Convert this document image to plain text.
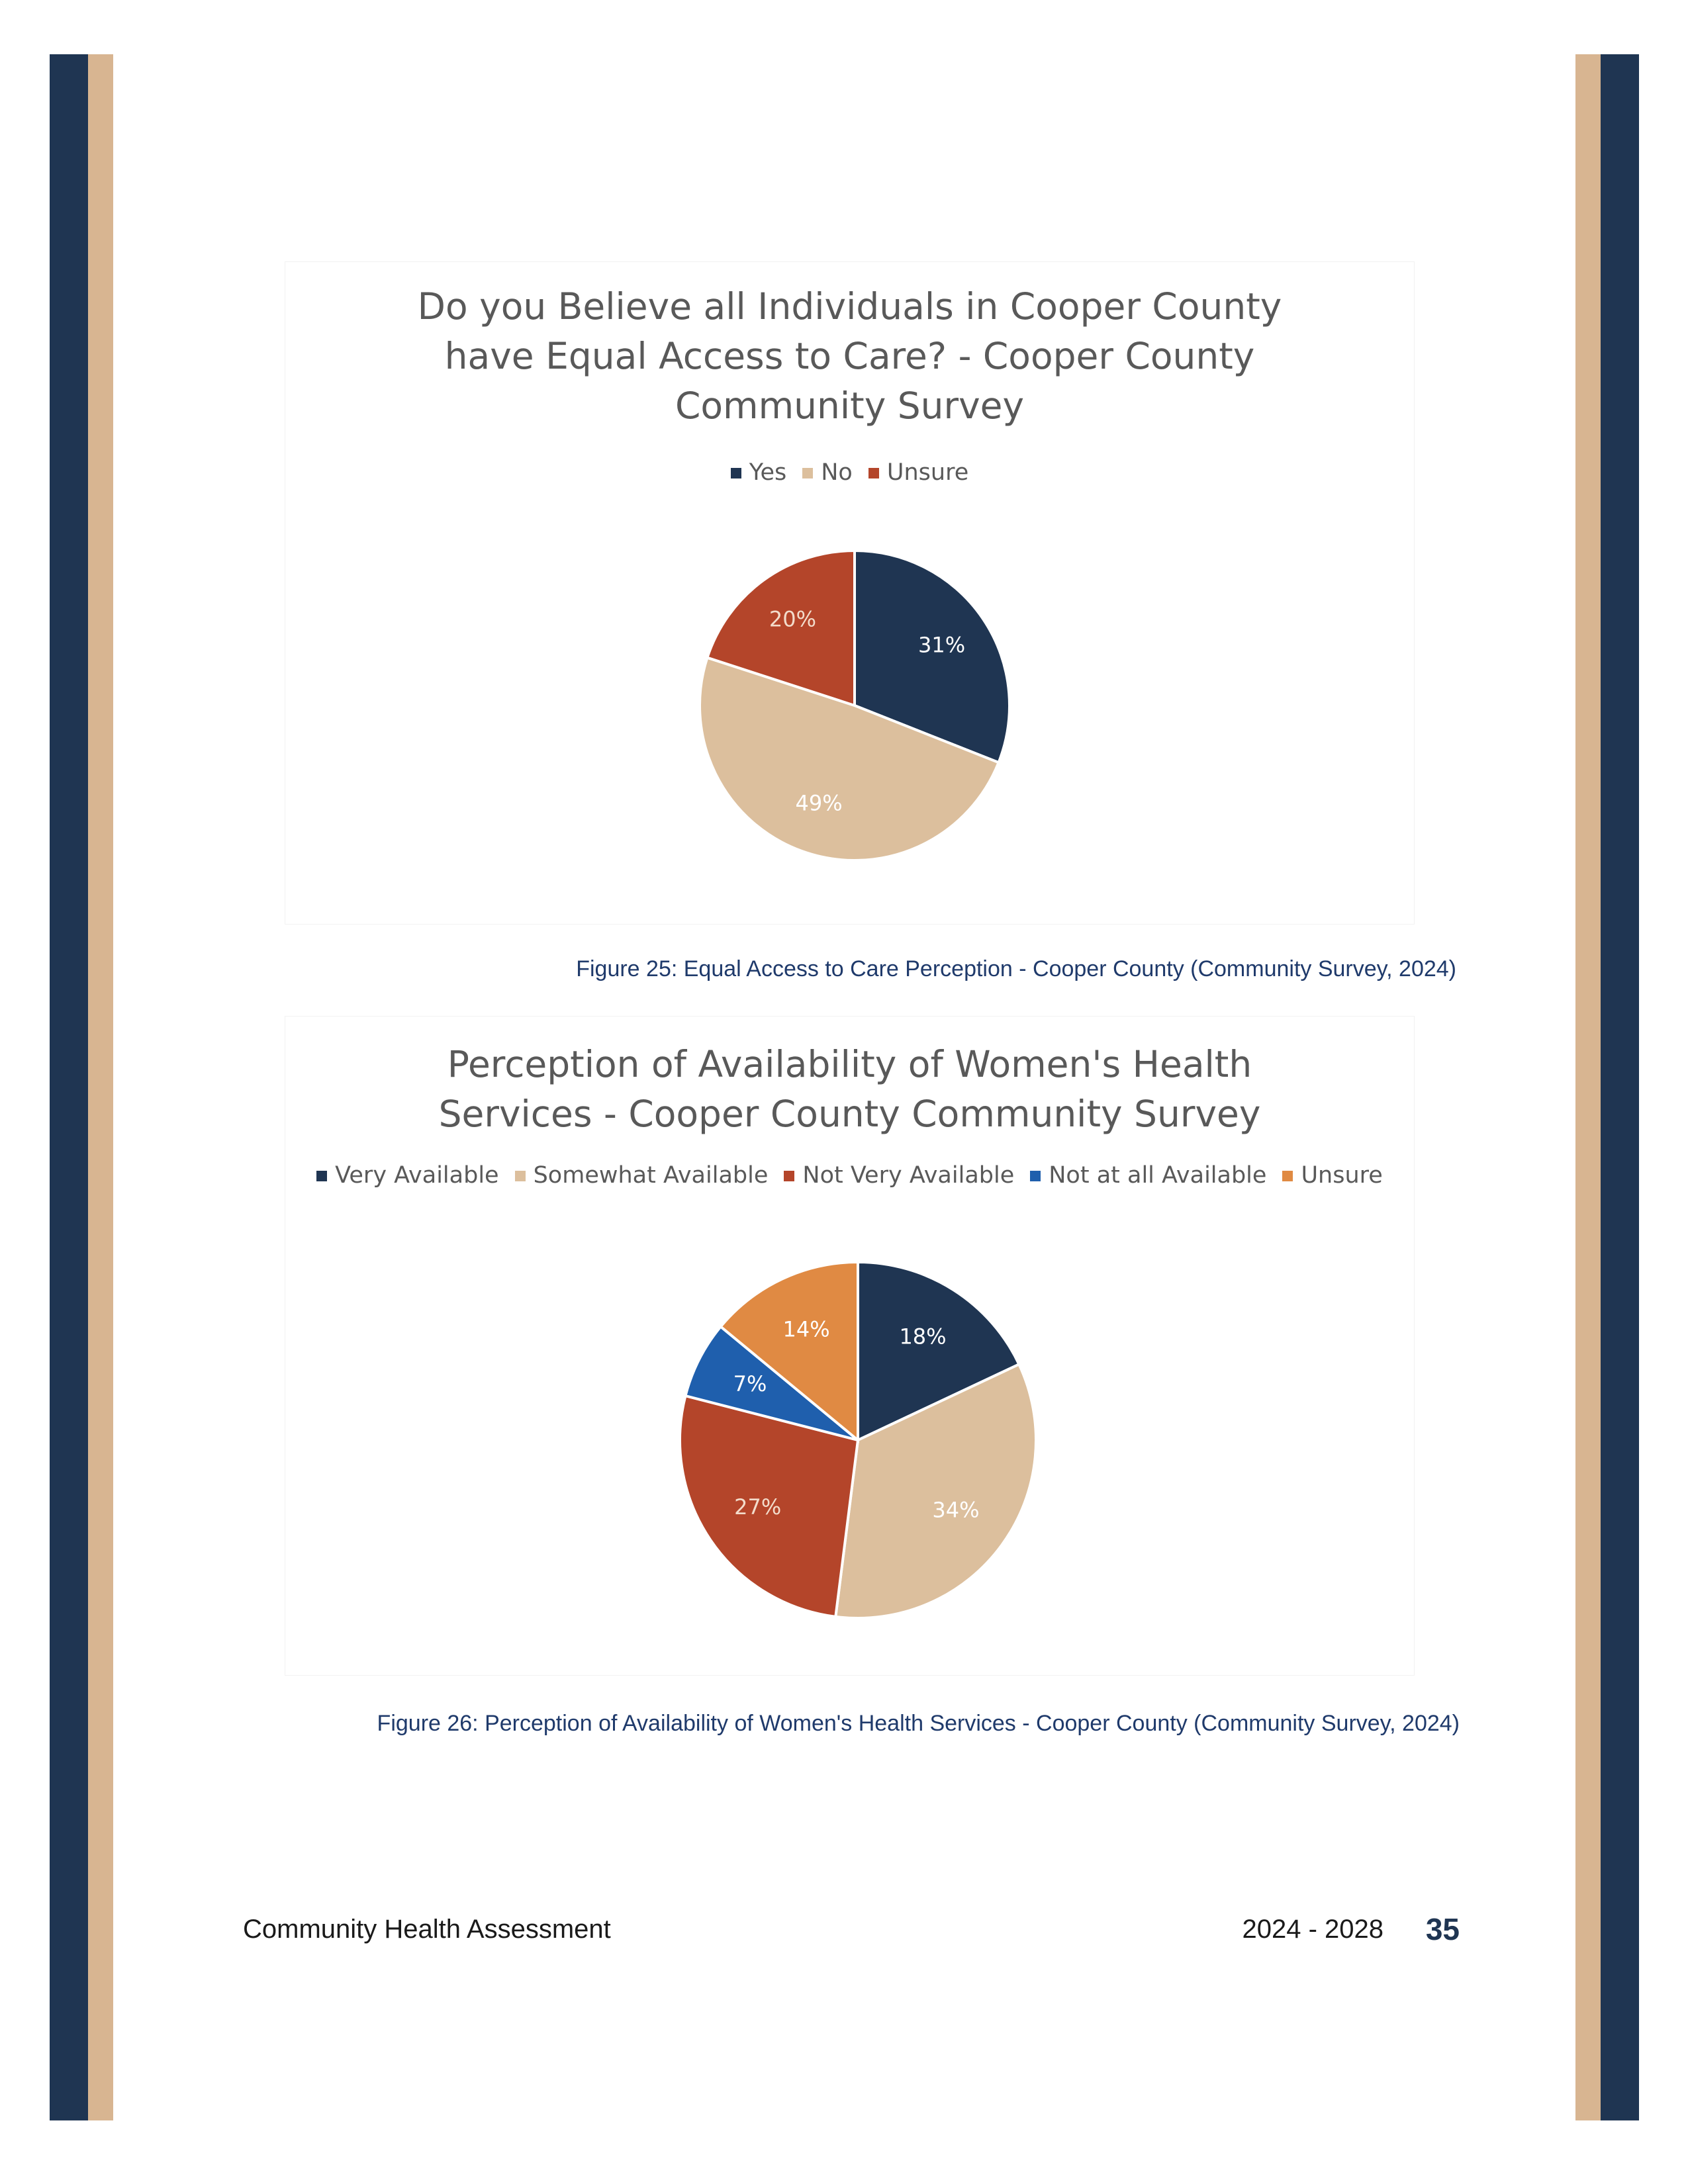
Do you Believe all Individuals in Cooper County
have Equal Access to Care? - Cooper County
Community Survey
Yes No Unsure
31%
49%
20%
Figure 25: Equal Access to Care Perception - Cooper County (Community Survey, 2024)
Perception of Availability of Women's Health
Services - Cooper County Community Survey
Very Available Somewhat Available Not Very Available Not at all Available Unsure
18%
34%
27%
7%
14%
Figure 26: Perception of Availability of Women's Health Services - Cooper County (Community Survey, 2024)
Community Health Assessment	2024 - 2028 35
